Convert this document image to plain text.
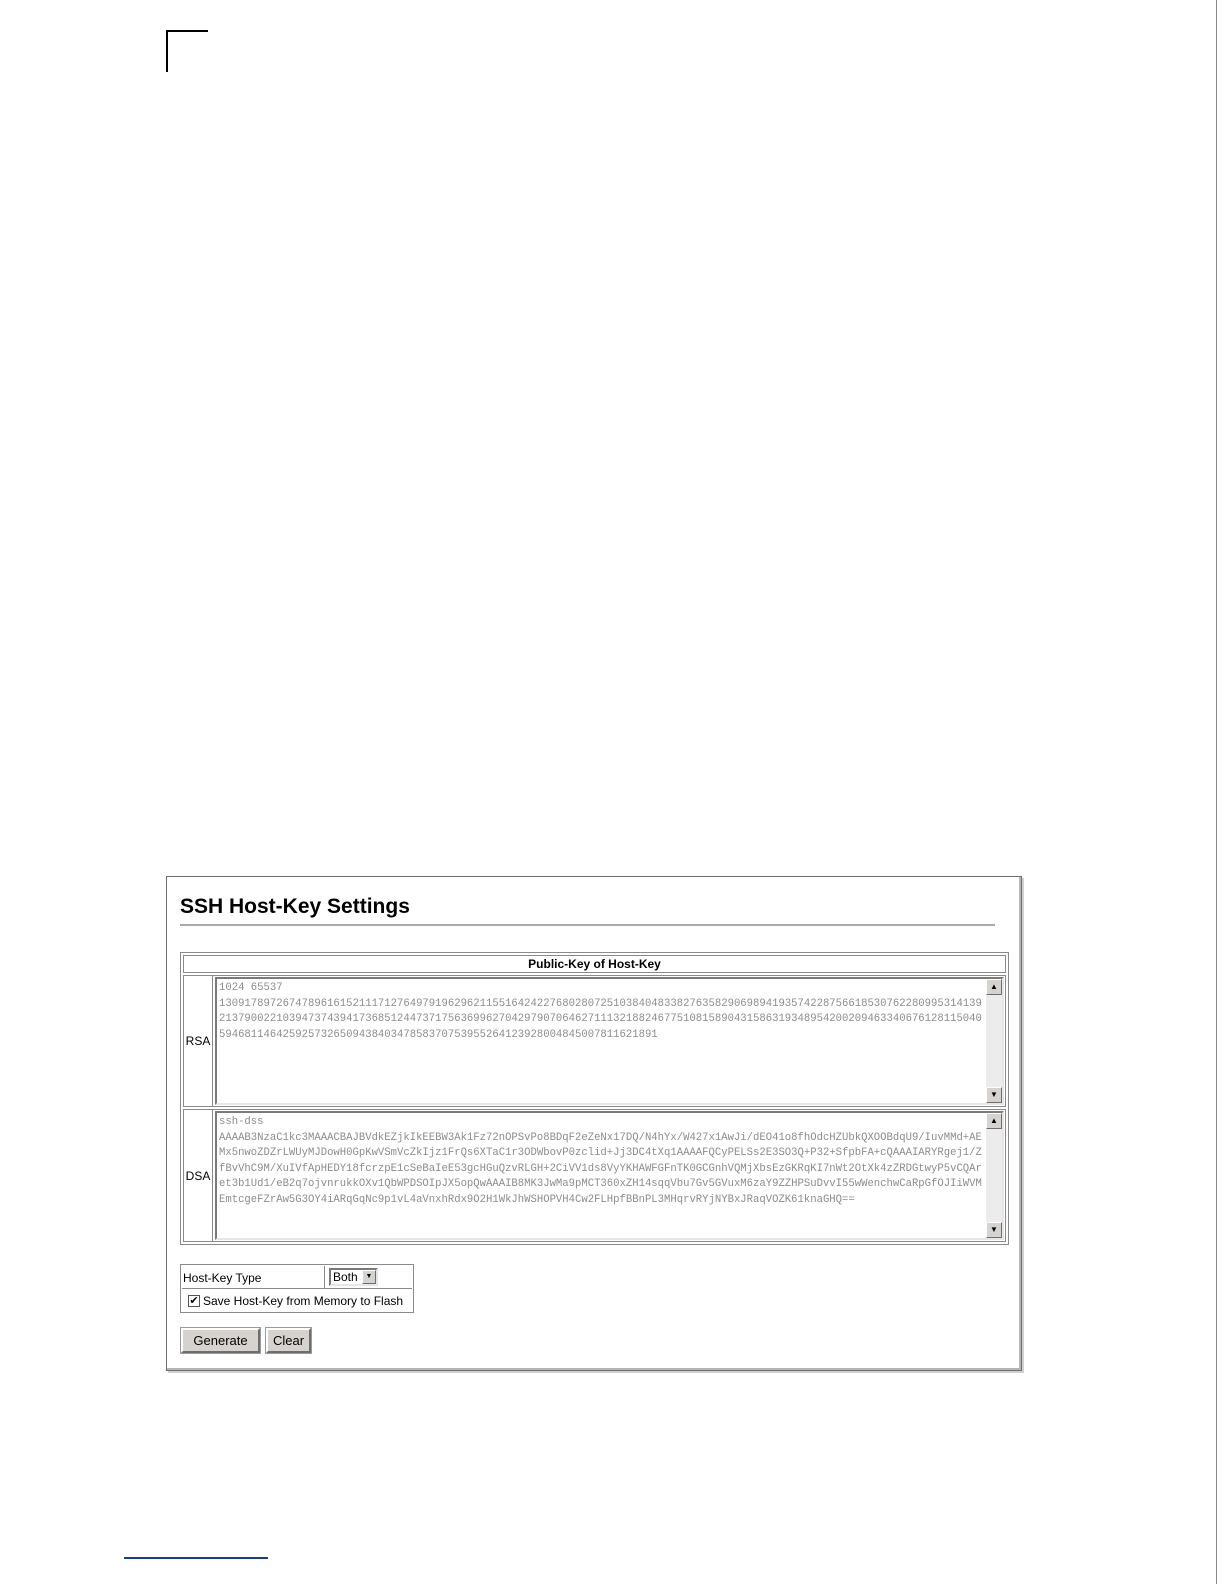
SSH Host-Key Settings
Public-Key of Host-Key
RSA
1024 65537
130917897267478961615211171276497919629621155164242276802807251038404833827635829069894193574228756618530762280995314139213790022103947374394173685124473717563699627042979070646271113218824677510815890431586319348954200209463340676128115040594681146425925732650943840347858370753955264123928004845007811621891
▲
▼
DSA
ssh-dss
AAAAB3NzaC1kc3MAAACBAJBVdkEZjkIkEEBW3Ak1Fz72nOPSvPo8BDqF2eZeNx17DQ/N4hYx/W427x1AwJi/dEO41o8fhOdcHZUbkQXOOBdqU9/IuvMMd+AEMx5nwoZDZrLWUyMJDowH0GpKwVSmVcZkIjz1FrQs6XTaC1r3ODWbovP0zclid+Jj3DC4tXq1AAAAFQCyPELSs2E3SO3Q+P32+SfpbFA+cQAAAIARYRgej1/ZfBvVhC9M/XuIVfApHEDY18fcrzpE1cSeBaIeE53gcHGuQzvRLGH+2CiVV1ds8VyYKHAWFGFnTK0GCGnhVQMjXbsEzGKRqKI7nWt2OtXk4zZRDGtwyP5vCQAret3b1Ud1/eB2q7ojvnrukkOXv1QbWPDSOIpJX5opQwAAAIB8MK3JwMa9pMCT360xZH14sqqVbu7Gv5GVuxM6zaY9ZZHPSuDvvI55wWenchwCaRpGfOJIiWVMEmtcgeFZrAw5G3OY4iARqGqNc9p1vL4aVnxhRdx9O2H1WkJhWSHOPVH4Cw2FLHpfBBnPL3MHqrvRYjNYBxJRaqVOZK61knaGHQ==
▲
▼
Host-Key Type	Both	▼
✔ Save Host-Key from Memory to Flash
Generate	Clear
